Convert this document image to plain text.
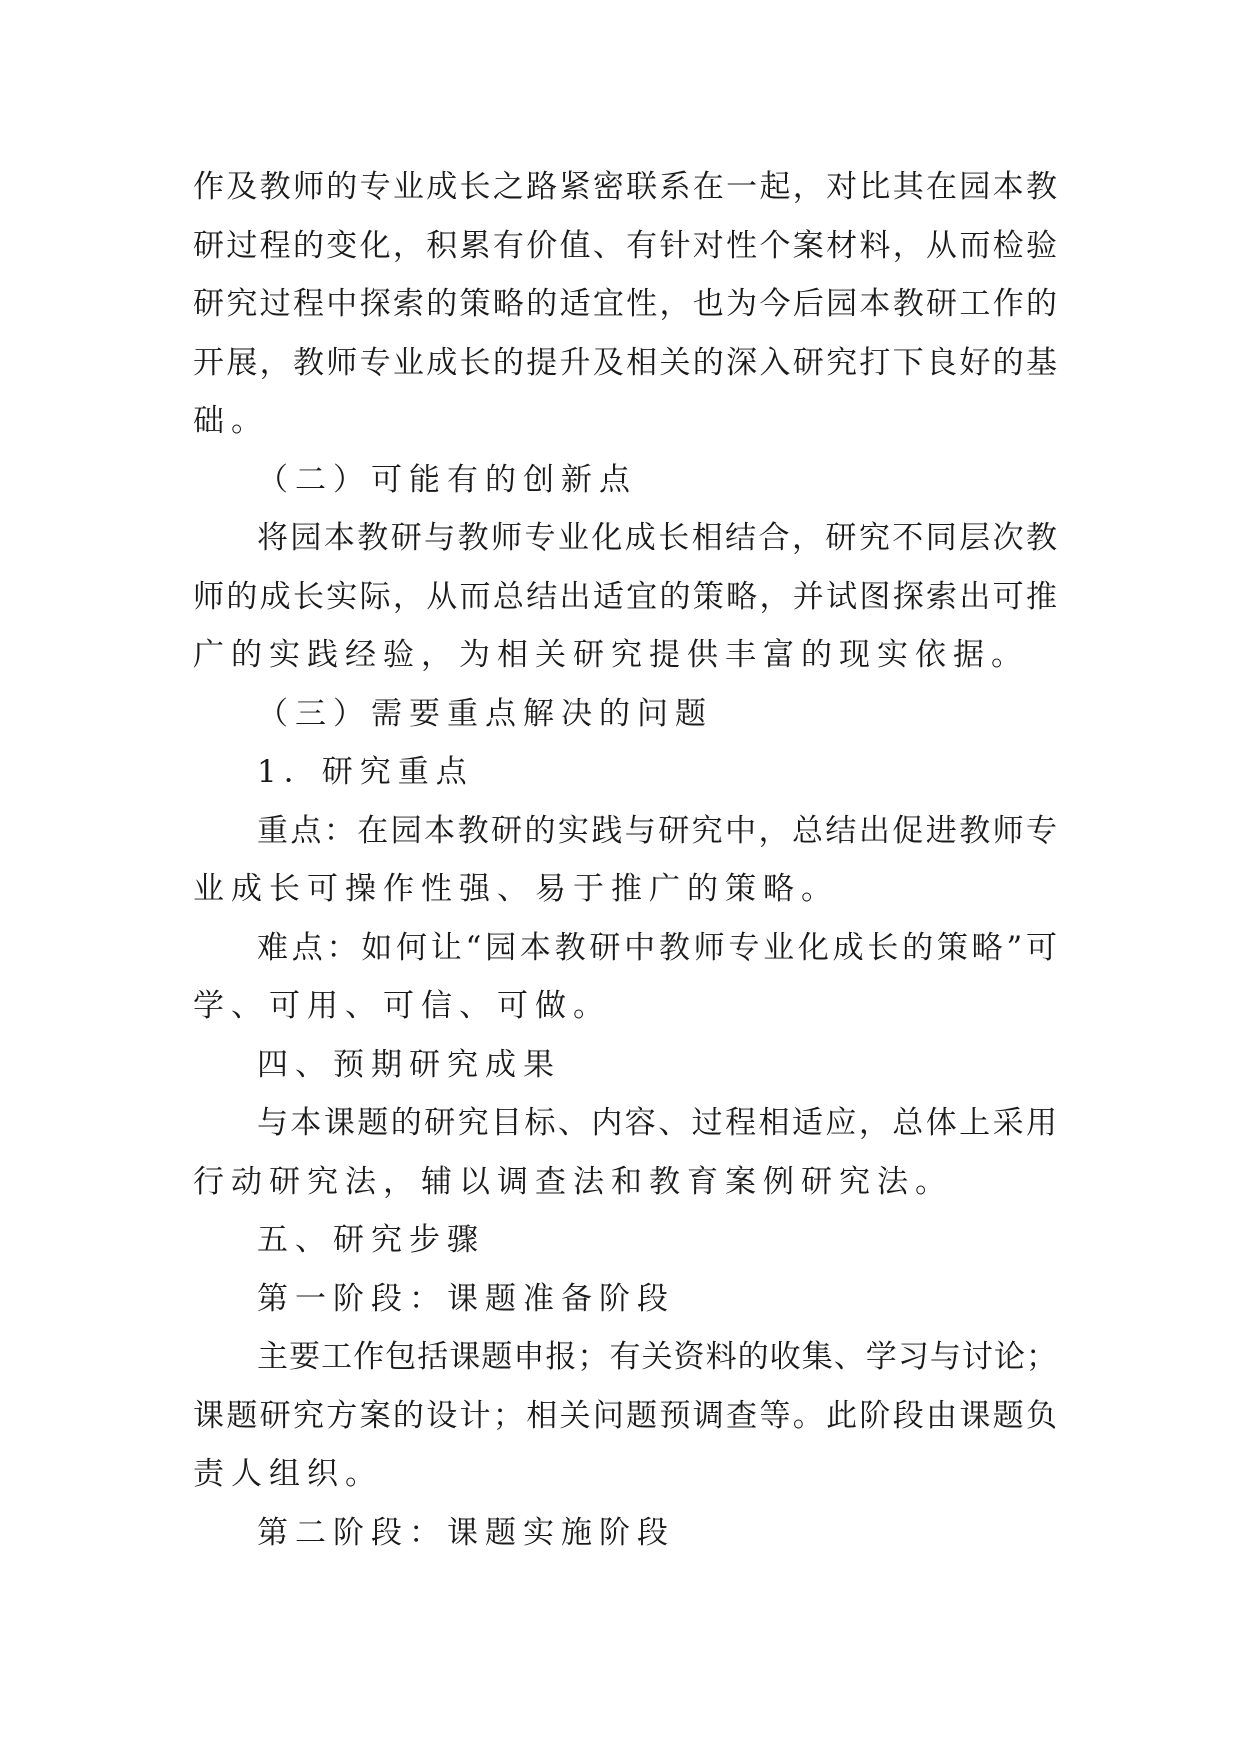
作及教师的专业成长之路紧密联系在一起，对比其在园本教
研过程的变化，积累有价值、有针对性个案材料，从而检验
研究过程中探索的策略的适宜性，也为今后园本教研工作的
开展，教师专业成长的提升及相关的深入研究打下良好的基
础。
（二）可能有的创新点
将园本教研与教师专业化成长相结合，研究不同层次教
师的成长实际，从而总结出适宜的策略，并试图探索出可推
广的实践经验，为相关研究提供丰富的现实依据。
（三）需要重点解决的问题
1．研究重点
重点：在园本教研的实践与研究中，总结出促进教师专
业成长可操作性强、易于推广的策略。
难点：如何让“园本教研中教师专业化成长的策略”可
学、可用、可信、可做。
四、预期研究成果
与本课题的研究目标、内容、过程相适应，总体上采用
行动研究法，辅以调查法和教育案例研究法。
五、研究步骤
第一阶段：课题准备阶段
主要工作包括课题申报；有关资料的收集、学习与讨论；
课题研究方案的设计；相关问题预调查等。此阶段由课题负
责人组织。
第二阶段：课题实施阶段
